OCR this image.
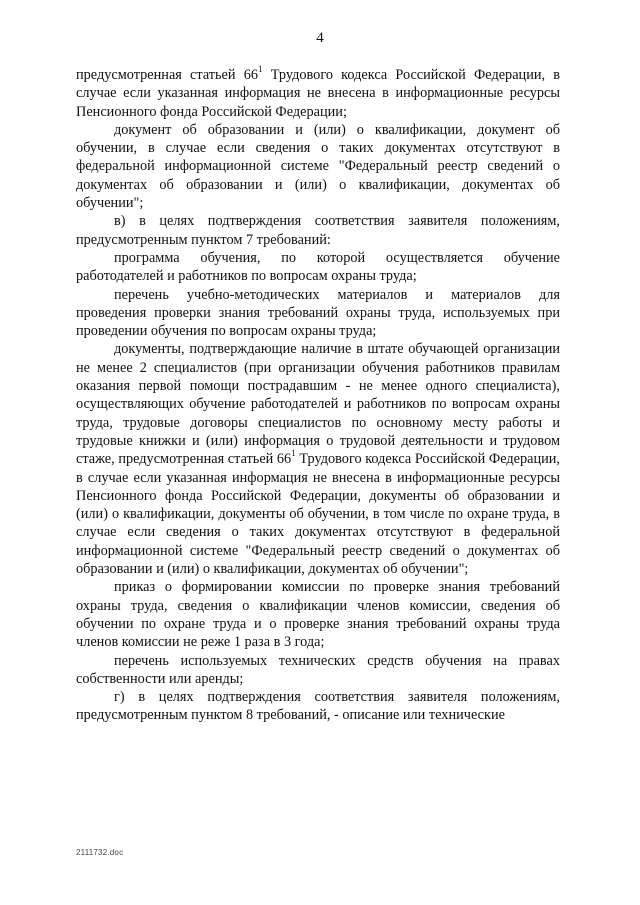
4

предусмотренная статьей $66^1$ Трудового кодекса Российской Федерации, в случае если указанная информация не внесена в информационные ресурсы Пенсионного фонда Российской Федерации;

документ об образовании и (или) о квалификации, документ об обучении, в случае если сведения о таких документах отсутствуют в федеральной информационной системе "Федеральный реестр сведений о документах об образовании и (или) о квалификации, документах об обучении";

в) в целях подтверждения соответствия заявителя положениям, предусмотренным пунктом 7 требований:

программа обучения, по которой осуществляется обучение работодателей и работников по вопросам охраны труда;

перечень учебно-методических материалов и материалов для проведения проверки знания требований охраны труда, используемых при проведении обучения по вопросам охраны труда;

документы, подтверждающие наличие в штате обучающей организации не менее 2 специалистов (при организации обучения работников правилам оказания первой помощи пострадавшим - не менее одного специалиста), осуществляющих обучение работодателей и работников по вопросам охраны труда, трудовые договоры специалистов по основному месту работы и трудовые книжки и (или) информация о трудовой деятельности и трудовом стаже, предусмотренная статьей $66^1$ Трудового кодекса Российской Федерации, в случае если указанная информация не внесена в информационные ресурсы Пенсионного фонда Российской Федерации, документы об образовании и (или) о квалификации, документы об обучении, в том числе по охране труда, в случае если сведения о таких документах отсутствуют в федеральной информационной системе "Федеральный реестр сведений о документах об образовании и (или) о квалификации, документах об обучении";

приказ о формировании комиссии по проверке знания требований охраны труда, сведения о квалификации членов комиссии, сведения об обучении по охране труда и о проверке знания требований охраны труда членов комиссии не реже 1 раза в 3 года;

перечень используемых технических средств обучения на правах собственности или аренды;

г) в целях подтверждения соответствия заявителя положениям, предусмотренным пунктом 8 требований, - описание или технические

2111732.doc
